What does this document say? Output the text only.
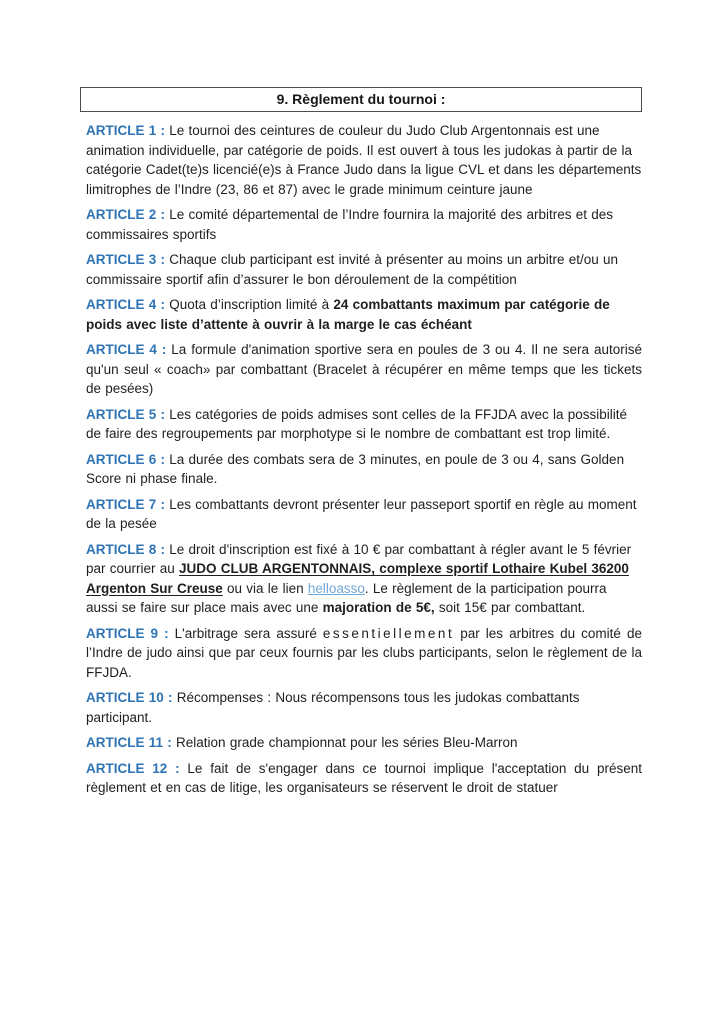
9. Règlement du tournoi :

ARTICLE 1 : Le tournoi des ceintures de couleur du Judo Club Argentonnais est une animation individuelle, par catégorie de poids. Il est ouvert à tous les judokas à partir de la catégorie Cadet(te)s licencié(e)s à France Judo dans la ligue CVL et dans les départements limitrophes de l’Indre (23, 86 et 87) avec le grade minimum ceinture jaune

ARTICLE 2 : Le comité départemental de l’Indre fournira la majorité des arbitres et des commissaires sportifs

ARTICLE 3 : Chaque club participant est invité à présenter au moins un arbitre et/ou un commissaire sportif afin d’assurer le bon déroulement de la compétition

ARTICLE 4 : Quota d’inscription limité à 24 combattants maximum par catégorie de poids avec liste d’attente à ouvrir à la marge le cas échéant

ARTICLE 4 : La formule d'animation sportive sera en poules de 3 ou 4. Il ne sera autorisé qu'un seul « coach» par combattant (Bracelet à récupérer en même temps que les tickets de pesées)

ARTICLE 5 : Les catégories de poids admises sont celles de la FFJDA avec la possibilité de faire des regroupements par morphotype si le nombre de combattant est trop limité.

ARTICLE 6 : La durée des combats sera de 3 minutes, en poule de 3 ou 4, sans Golden Score ni phase finale.

ARTICLE 7 : Les combattants devront présenter leur passeport sportif en règle au moment de la pesée

ARTICLE 8 : Le droit d'inscription est fixé à 10 € par combattant à régler avant le 5 février par courrier au JUDO CLUB ARGENTONNAIS, complexe sportif Lothaire Kubel 36200 Argenton Sur Creuse ou via le lien helloasso. Le règlement de la participation pourra aussi se faire sur place mais avec une majoration de 5€, soit 15€ par combattant.

ARTICLE 9 : L'arbitrage sera assuré essentiellement par les arbitres du comité de l’Indre de judo ainsi que par ceux fournis par les clubs participants, selon le règlement de la FFJDA.

ARTICLE 10 : Récompenses : Nous récompensons tous les judokas combattants participant.

ARTICLE 11 : Relation grade championnat pour les séries Bleu-Marron

ARTICLE 12 : Le fait de s'engager dans ce tournoi implique l'acceptation du présent règlement et en cas de litige, les organisateurs se réservent le droit de statuer
